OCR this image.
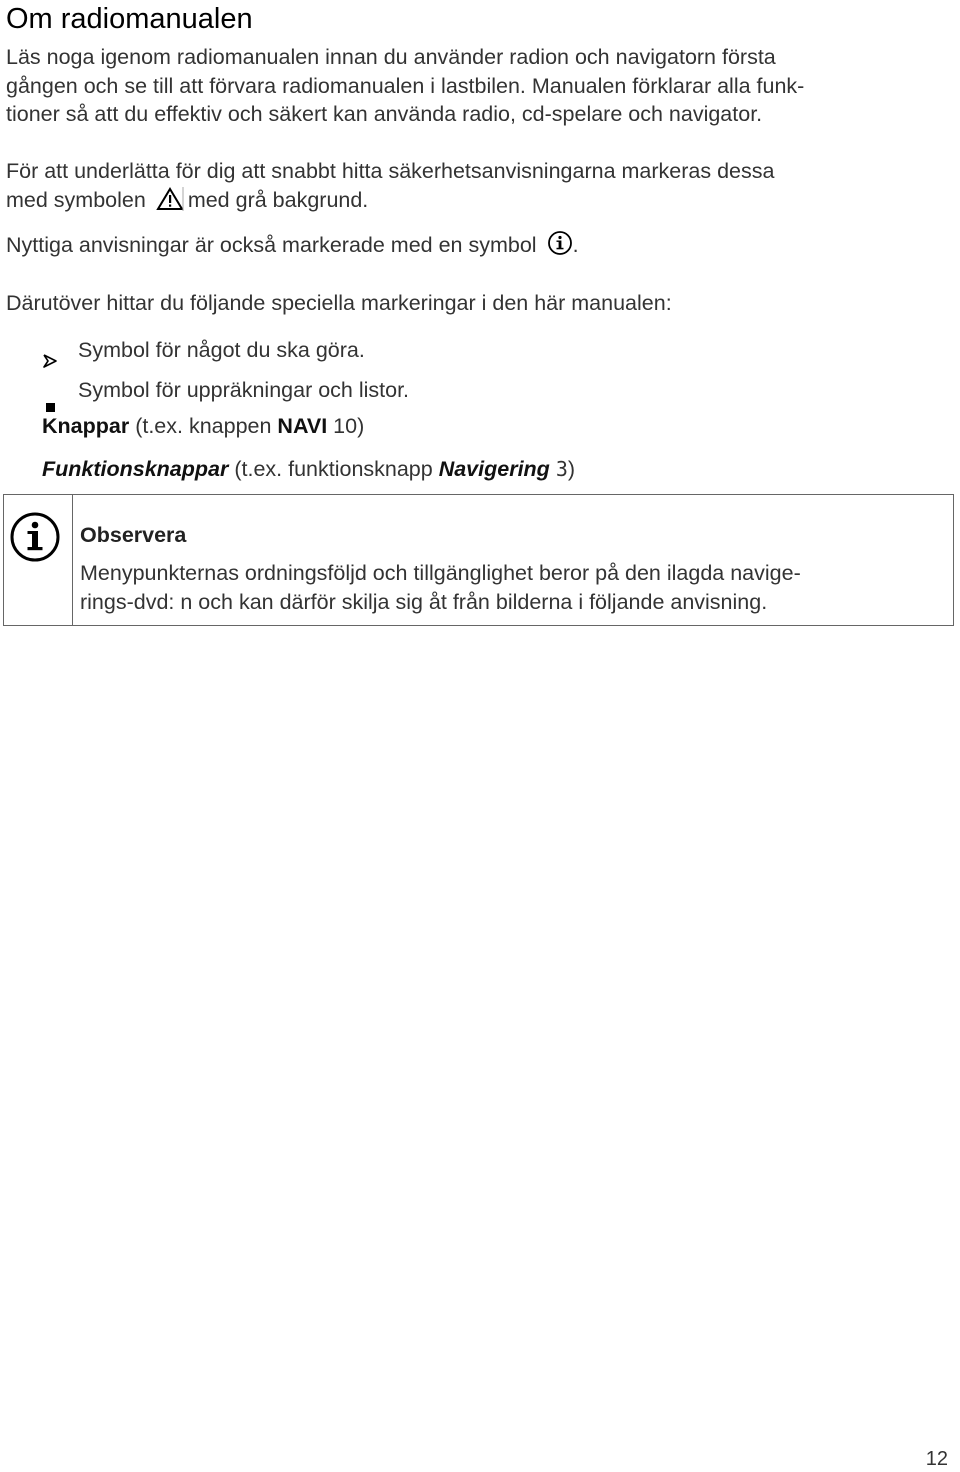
Om radiomanualen

Läs noga igenom radiomanualen innan du använder radion och navigatorn första
gången och se till att förvara radiomanualen i lastbilen. Manualen förklarar alla funk-
tioner så att du effektiv och säkert kan använda radio, cd-spelare och navigator.

För att underlätta för dig att snabbt hitta säkerhetsanvisningarna markeras dessa
med symbolen med grå bakgrund.

Nyttiga anvisningar är också markerade med en symbol .

Därutöver hittar du följande speciella markeringar i den här manualen:

Symbol för något du ska göra.
Symbol för uppräkningar och listor.

Knappar (t.ex. knappen NAVI 10)

Funktionsknappar (t.ex. funktionsknapp Navigering 3)

Observera

Menypunkternas ordningsföljd och tillgänglighet beror på den ilagda navige-
rings-dvd: n och kan därför skilja sig åt från bilderna i följande anvisning.

12
